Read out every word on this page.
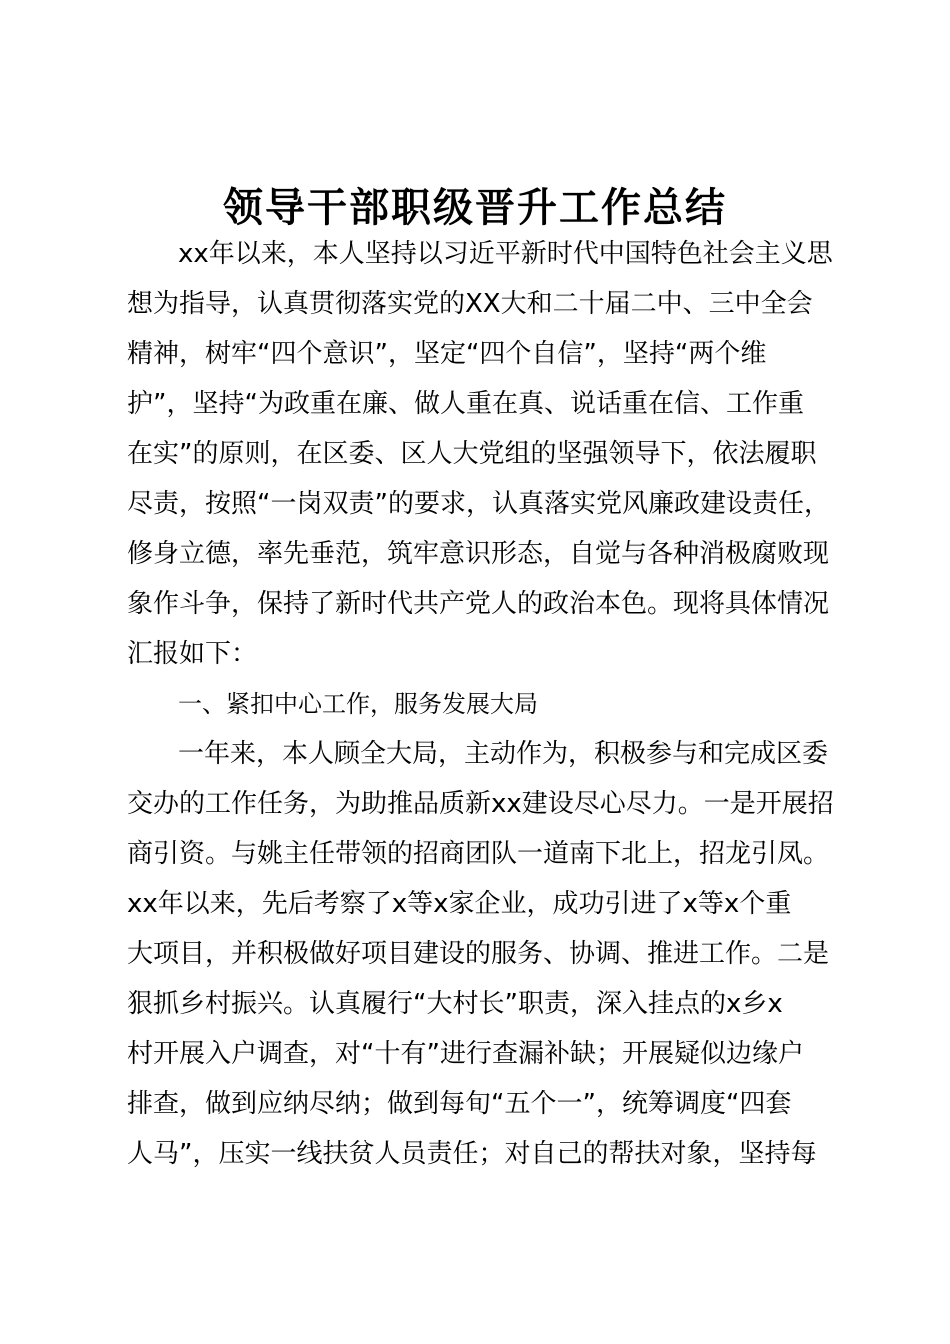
领导干部职级晋升工作总结
xx年以来，本人坚持以习近平新时代中国特色社会主义思
想为指导，认真贯彻落实党的XX大和二十届二中、三中全会
精神，树牢“四个意识”，坚定“四个自信”，坚持“两个维
护”，坚持“为政重在廉、做人重在真、说话重在信、工作重
在实”的原则，在区委、区人大党组的坚强领导下，依法履职
尽责，按照“一岗双责”的要求，认真落实党风廉政建设责任，
修身立德，率先垂范，筑牢意识形态，自觉与各种消极腐败现
象作斗争，保持了新时代共产党人的政治本色。现将具体情况
汇报如下：
一、紧扣中心工作，服务发展大局
一年来，本人顾全大局，主动作为，积极参与和完成区委
交办的工作任务，为助推品质新xx建设尽心尽力。一是开展招
商引资。与姚主任带领的招商团队一道南下北上，招龙引凤。
xx年以来，先后考察了x等x家企业，成功引进了x等x个重
大项目，并积极做好项目建设的服务、协调、推进工作。二是
狠抓乡村振兴。认真履行“大村长”职责，深入挂点的x乡x
村开展入户调查，对“十有”进行查漏补缺；开展疑似边缘户
排查，做到应纳尽纳；做到每旬“五个一”，统筹调度“四套
人马”，压实一线扶贫人员责任；对自己的帮扶对象，坚持每
